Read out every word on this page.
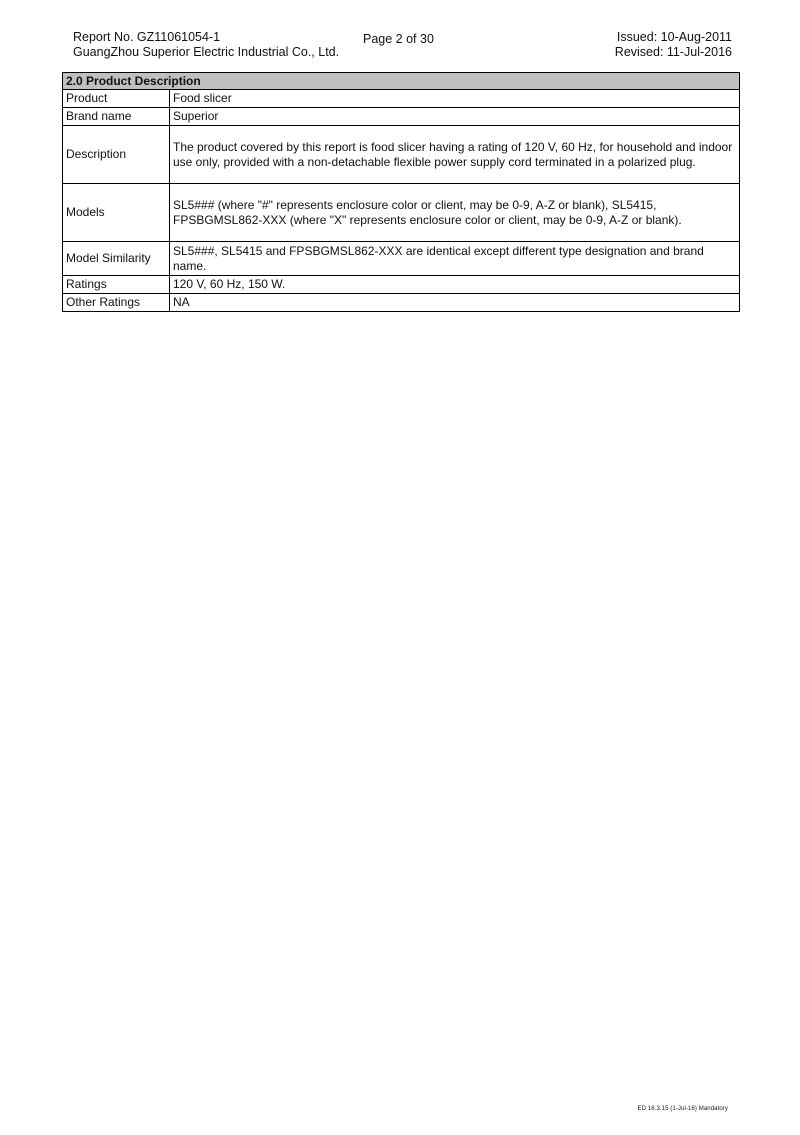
Report No. GZ11061054-1
GuangZhou Superior Electric Industrial Co., Ltd.
Page 2 of 30	Issued: 10-Aug-2011
Revised: 11-Jul-2016
2.0 Product Description	
Product	Food slicer
Brand name	Superior
Description	The product covered by this report is food slicer having a rating of 120 V, 60 Hz, for household and indoor use only, provided with a non-detachable flexible power supply cord terminated in a polarized plug.
Models	SL5### (where "#" represents enclosure color or client, may be 0-9, A-Z or blank), SL5415, FPSBGMSL862-XXX (where "X" represents enclosure color or client, may be 0-9, A-Z or blank).
Model Similarity	SL5###, SL5415 and FPSBGMSL862-XXX are identical except different type designation and brand name.
Ratings	120 V, 60 Hz, 150 W.
Other Ratings	NA
ED 16.3.15 (1-Jul-16) Mandatory
